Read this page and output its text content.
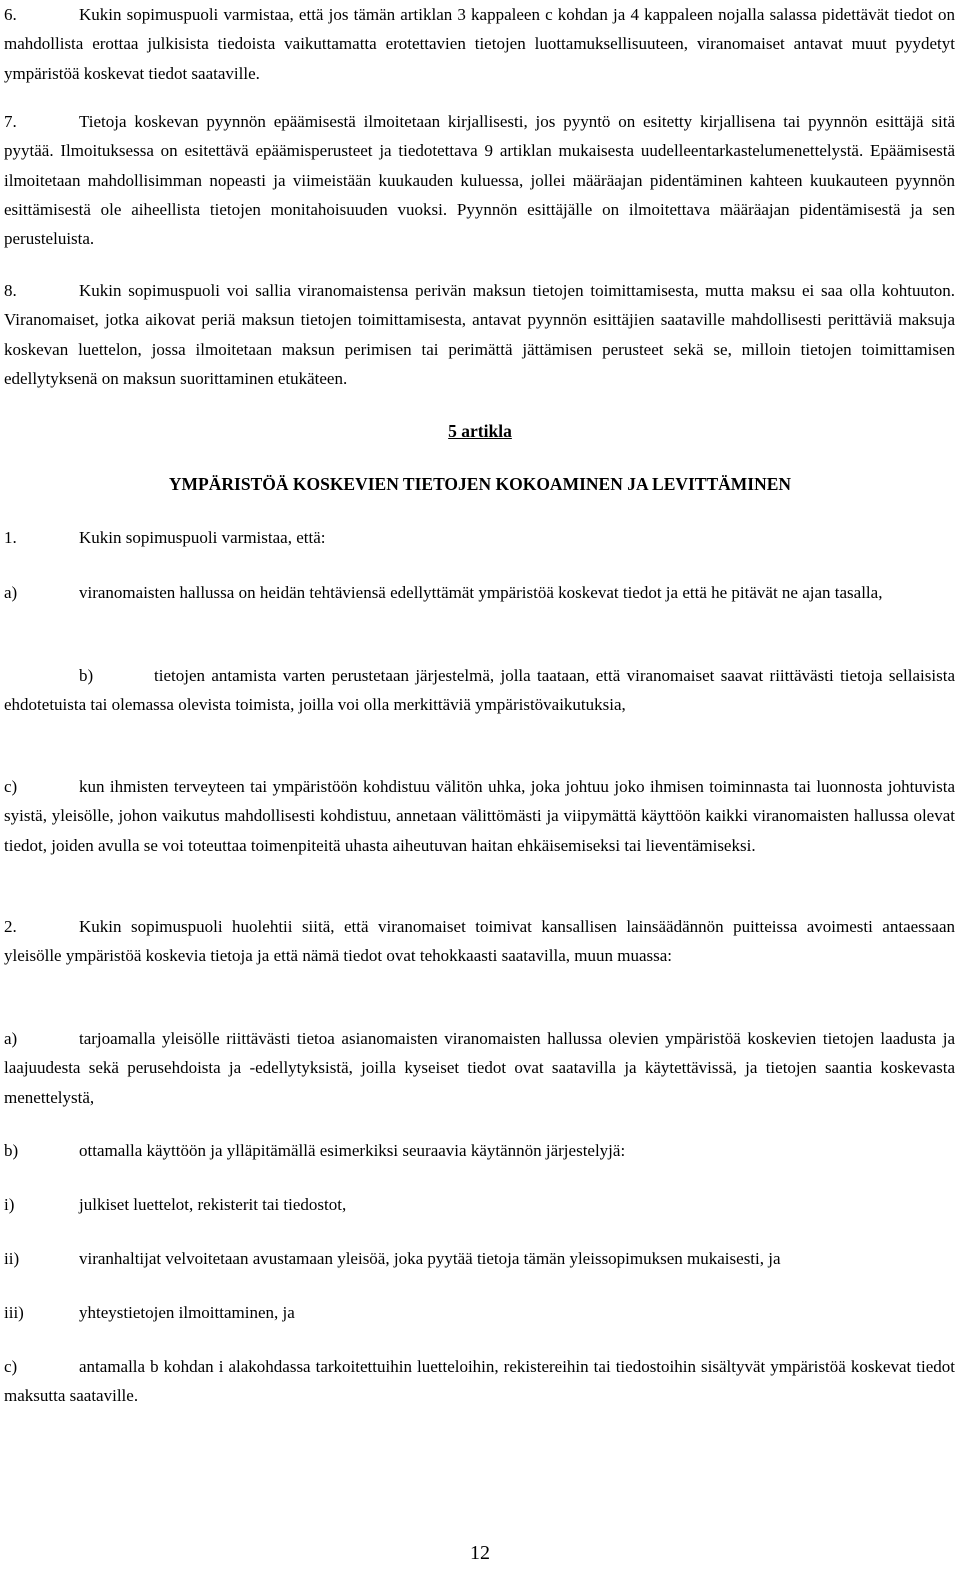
6.	Kukin sopimuspuoli varmistaa, että jos tämän artiklan 3 kappaleen c kohdan ja 4 kappaleen nojalla salassa pidettävät tiedot on mahdollista erottaa julkisista tiedoista vaikuttamatta erotettavien tietojen luottamuksellisuuteen, viranomaiset antavat muut pyydetyt ympäristöä koskevat tiedot saataville.
7.	Tietoja koskevan pyynnön epäämisestä ilmoitetaan kirjallisesti, jos pyyntö on esitetty kirjallisena tai pyynnön esittäjä sitä pyytää. Ilmoituksessa on esitettävä epäämisperusteet ja tiedotettava 9 artiklan mukaisesta uudelleentarkastelumenettelystä. Epäämisestä ilmoitetaan mahdollisimman nopeasti ja viimeistään kuukauden kuluessa, jollei määräajan pidentäminen kahteen kuukauteen pyynnön esittämisestä ole aiheellista tietojen monitahoisuuden vuoksi. Pyynnön esittäjälle on ilmoitettava määräajan pidentämisestä ja sen perusteluista.
8.	Kukin sopimuspuoli voi sallia viranomaistensa perivän maksun tietojen toimittamisesta, mutta maksu ei saa olla kohtuuton. Viranomaiset, jotka aikovat periä maksun tietojen toimittamisesta, antavat pyynnön esittäjien saataville mahdollisesti perittäviä maksuja koskevan luettelon, jossa ilmoitetaan maksun perimisen tai perimättä jättämisen perusteet sekä se, milloin tietojen toimittamisen edellytyksenä on maksun suorittaminen etukäteen.
5 artikla
YMPÄRISTÖÄ KOSKEVIEN TIETOJEN KOKOAMINEN JA LEVITTÄMINEN
1.	Kukin sopimuspuoli varmistaa, että:
a)	viranomaisten hallussa on heidän tehtäviensä edellyttämät ympäristöä koskevat tiedot ja että he pitävät ne ajan tasalla,
b)	tietojen antamista varten perustetaan järjestelmä, jolla taataan, että viranomaiset saavat riittävästi tietoja sellaisista ehdotetuista tai olemassa olevista toimista, joilla voi olla merkittäviä ympäristövaikutuksia,
c)	kun ihmisten terveyteen tai ympäristöön kohdistuu välitön uhka, joka johtuu joko ihmisen toiminnasta tai luonnosta johtuvista syistä, yleisölle, johon vaikutus mahdollisesti kohdistuu, annetaan välittömästi ja viipymättä käyttöön kaikki viranomaisten hallussa olevat tiedot, joiden avulla se voi toteuttaa toimenpiteitä uhasta aiheutuvan haitan ehkäisemiseksi tai lieventämiseksi.
2.	Kukin sopimuspuoli huolehtii siitä, että viranomaiset toimivat kansallisen lainsäädännön puitteissa avoimesti antaessaan yleisölle ympäristöä koskevia tietoja ja että nämä tiedot ovat tehokkaasti saatavilla, muun muassa:
a)	tarjoamalla yleisölle riittävästi tietoa asianomaisten viranomaisten hallussa olevien ympäristöä koskevien tietojen laadusta ja laajuudesta sekä perusehdoista ja -edellytyksistä, joilla kyseiset tiedot ovat saatavilla ja käytettävissä, ja tietojen saantia koskevasta menettelystä,
b)	ottamalla käyttöön ja ylläpitämällä esimerkiksi seuraavia käytännön järjestelyjä:
i)	julkiset luettelot, rekisterit tai tiedostot,
ii)	viranhaltijat velvoitetaan avustamaan yleisöä, joka pyytää tietoja tämän yleissopimuksen mukaisesti, ja
iii)	yhteystietojen ilmoittaminen, ja
c)	antamalla b kohdan i alakohdassa tarkoitettuihin luetteloihin, rekistereihin tai tiedostoihin sisältyvät ympäristöä koskevat tiedot maksutta saataville.
12
